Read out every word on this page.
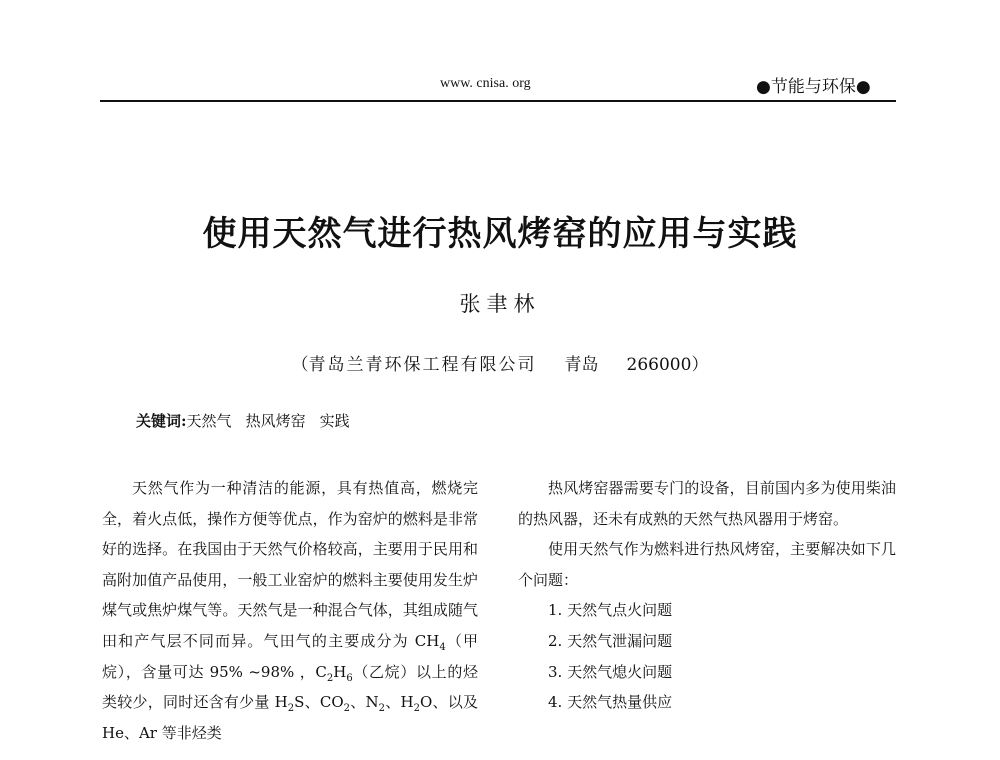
www. cnisa. org	●节能与环保●
使用天然气进行热风烤窑的应用与实践
张聿林
（青岛兰青环保工程有限公司 青岛 266000）
关键词:天然气 热风烤窑 实践

天然气作为一种清洁的能源，具有热值高，燃烧完全，着火点低，操作方便等优点，作为窑炉的燃料是非常好的选择。在我国由于天然气价格较高，主要用于民用和高附加值产品使用，一般工业窑炉的燃料主要使用发生炉煤气或焦炉煤气等。天然气是一种混合气体，其组成随气田和产气层不同而异。气田气的主要成分为 $CH_4$（甲烷），含量可达 95% ~98% ，$C_2H_6$（乙烷）以上的烃类较少，同时还含有少量 $H_2S$、$CO_2$、$N_2$、$H_2O$、以及 He、Ar 等非烃类

热风烤窑器需要专门的设备，目前国内多为使用柴油的热风器，还未有成熟的天然气热风器用于烤窑。

使用天然气作为燃料进行热风烤窑，主要解决如下几个问题：

1. 天然气点火问题
2. 天然气泄漏问题
3. 天然气熄火问题
4. 天然气热量供应
